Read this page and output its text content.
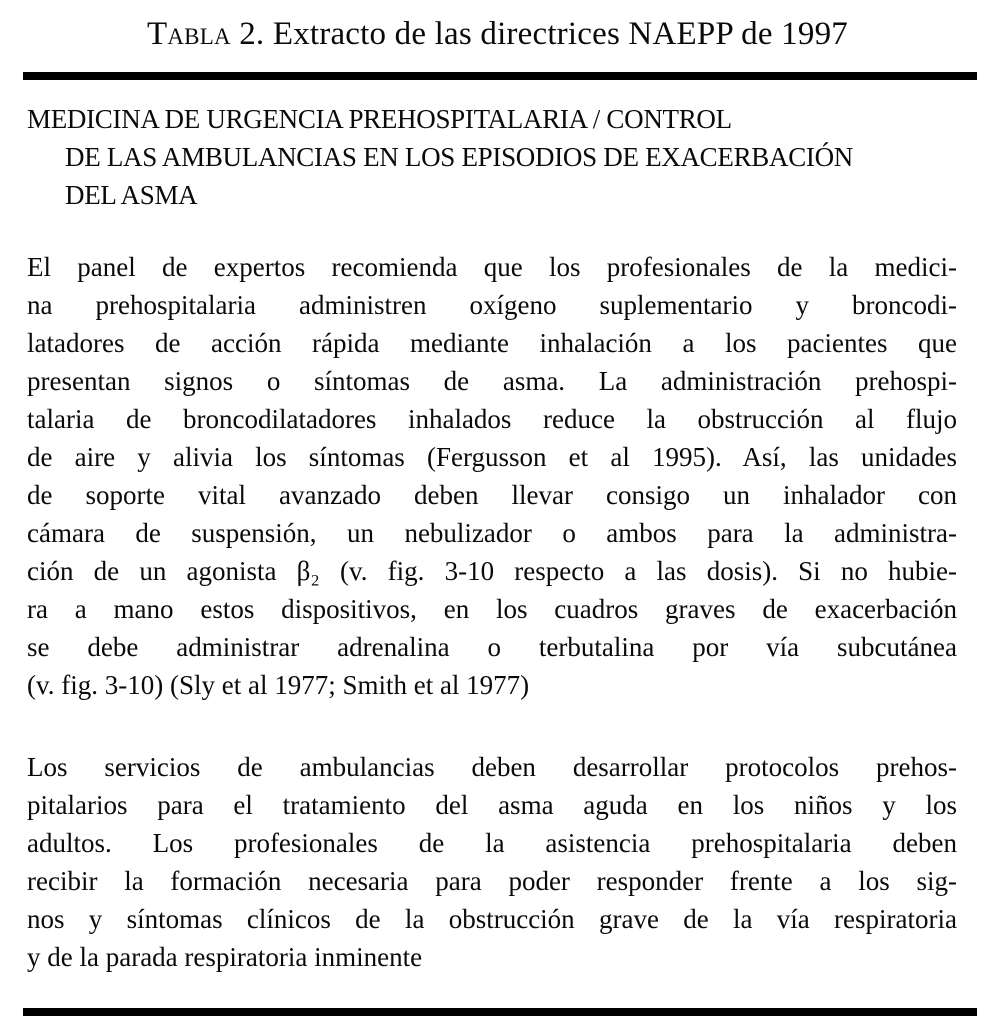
Tabla 2. Extracto de las directrices NAEPP de 1997
MEDICINA DE URGENCIA PREHOSPITALARIA / CONTROL
DE LAS AMBULANCIAS EN LOS EPISODIOS DE EXACERBACIÓN
DEL ASMA
El panel de expertos recomienda que los profesionales de la medici-
na prehospitalaria administren oxígeno suplementario y broncodi-
latadores de acción rápida mediante inhalación a los pacientes que
presentan signos o síntomas de asma. La administración prehospi-
talaria de broncodilatadores inhalados reduce la obstrucción al flujo
de aire y alivia los síntomas (Fergusson et al 1995). Así, las unidades
de soporte vital avanzado deben llevar consigo un inhalador con
cámara de suspensión, un nebulizador o ambos para la administra-
ción de un agonista β₂ (v. fig. 3-10 respecto a las dosis). Si no hubie-
ra a mano estos dispositivos, en los cuadros graves de exacerbación
se debe administrar adrenalina o terbutalina por vía subcutánea
(v. fig. 3-10) (Sly et al 1977; Smith et al 1977)
Los servicios de ambulancias deben desarrollar protocolos prehos-
pitalarios para el tratamiento del asma aguda en los niños y los
adultos. Los profesionales de la asistencia prehospitalaria deben
recibir la formación necesaria para poder responder frente a los sig-
nos y síntomas clínicos de la obstrucción grave de la vía respiratoria
y de la parada respiratoria inminente
